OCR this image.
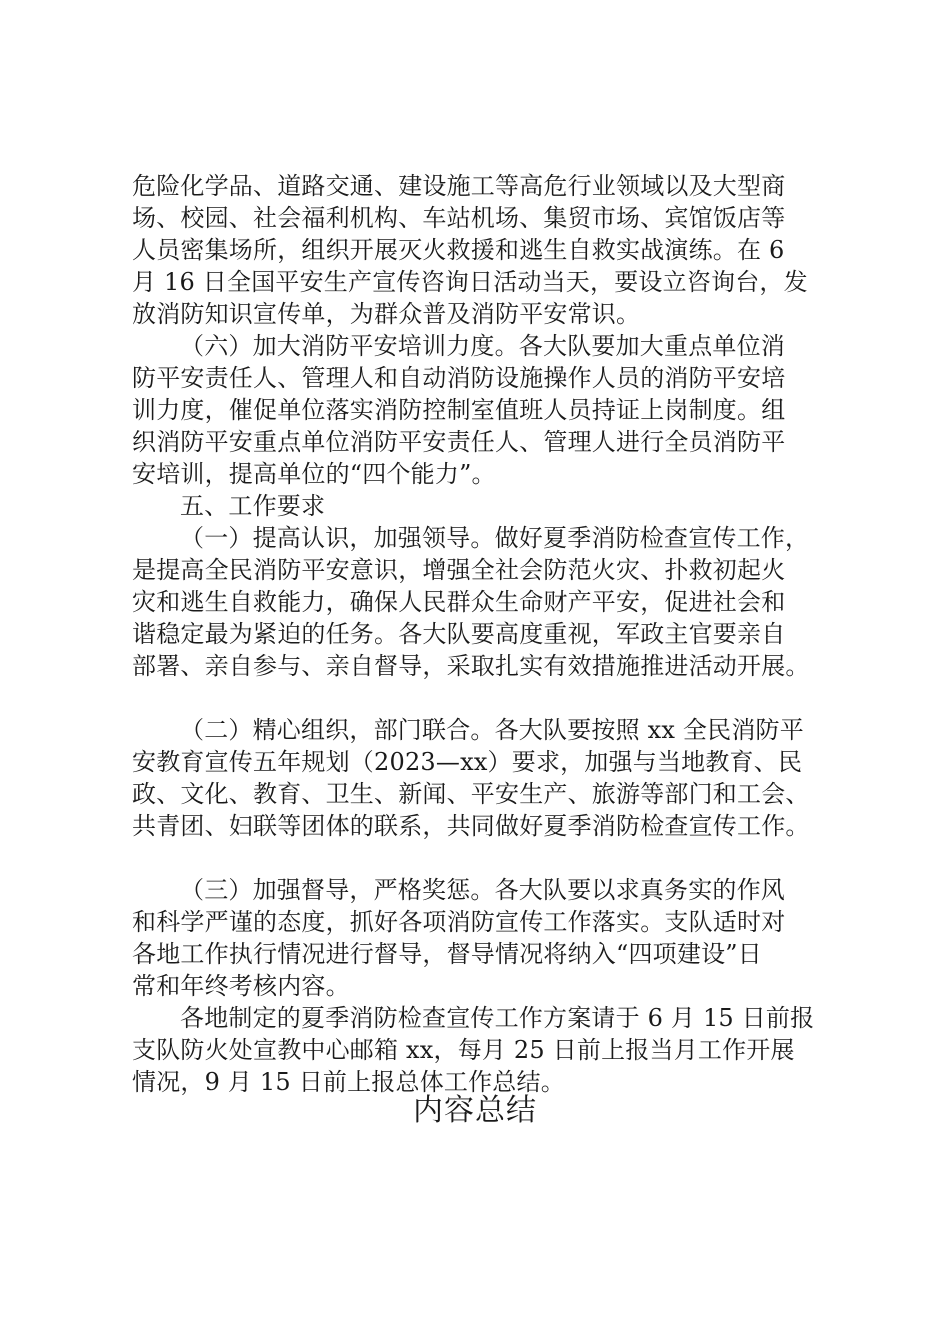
危险化学品、道路交通、建设施工等高危行业领域以及大型商
场、校园、社会福利机构、车站机场、集贸市场、宾馆饭店等
人员密集场所，组织开展灭火救援和逃生自救实战演练。在 6
月 16 日全国平安生产宣传咨询日活动当天，要设立咨询台，发
放消防知识宣传单，为群众普及消防平安常识。
（六）加大消防平安培训力度。各大队要加大重点单位消
防平安责任人、管理人和自动消防设施操作人员的消防平安培
训力度，催促单位落实消防控制室值班人员持证上岗制度。组
织消防平安重点单位消防平安责任人、管理人进行全员消防平
安培训，提高单位的“四个能力”。
五、工作要求
（一）提高认识，加强领导。做好夏季消防检查宣传工作，
是提高全民消防平安意识，增强全社会防范火灾、扑救初起火
灾和逃生自救能力，确保人民群众生命财产平安，促进社会和
谐稳定最为紧迫的任务。各大队要高度重视，军政主官要亲自
部署、亲自参与、亲自督导，采取扎实有效措施推进活动开展。
（二）精心组织，部门联合。各大队要按照 xx 全民消防平
安教育宣传五年规划（2023—xx）要求，加强与当地教育、民
政、文化、教育、卫生、新闻、平安生产、旅游等部门和工会、
共青团、妇联等团体的联系，共同做好夏季消防检查宣传工作。
（三）加强督导，严格奖惩。各大队要以求真务实的作风
和科学严谨的态度，抓好各项消防宣传工作落实。支队适时对
各地工作执行情况进行督导，督导情况将纳入“四项建设”日
常和年终考核内容。
各地制定的夏季消防检查宣传工作方案请于 6 月 15 日前报
支队防火处宣教中心邮箱 xx，每月 25 日前上报当月工作开展
情况，9 月 15 日前上报总体工作总结。
内容总结
